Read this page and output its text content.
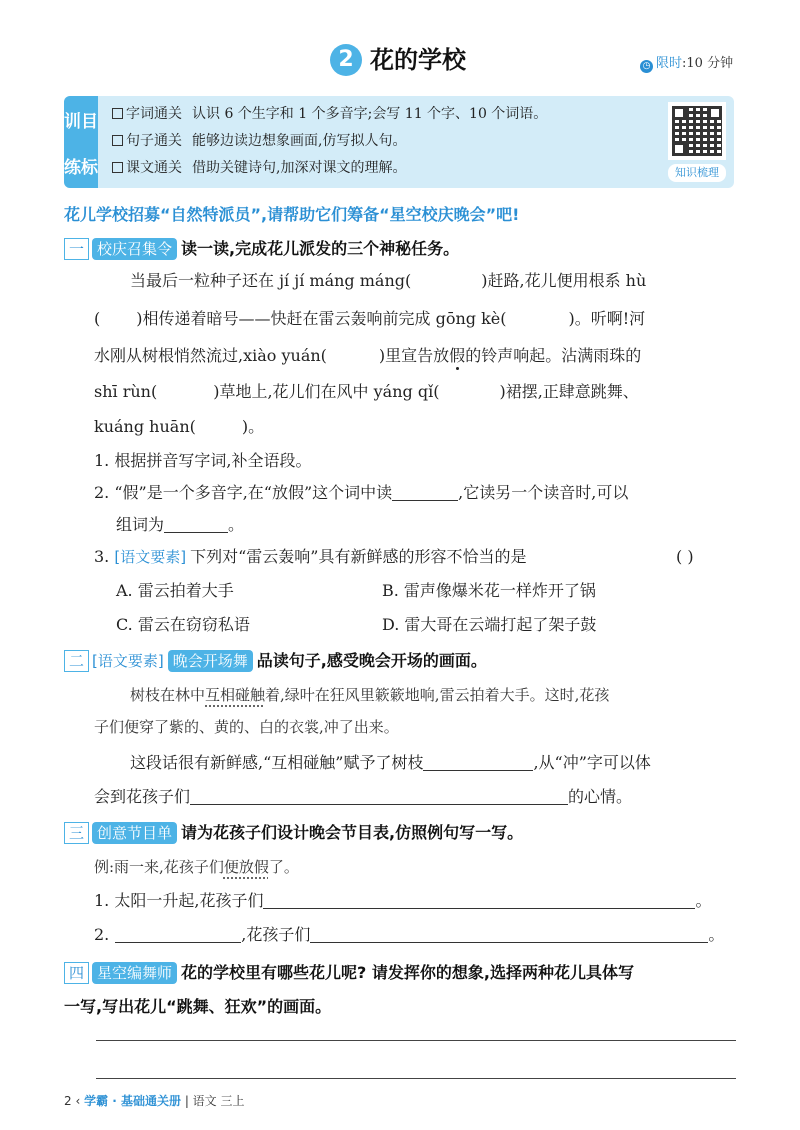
2 花的学校	◷ 限时:10 分钟
训 目
练 标
字词通关 认识 6 个生字和 1 个多音字;会写 11 个字、10 个词语。
句子通关 能够边读边想象画面,仿写拟人句。
课文通关 借助关键诗句,加深对课文的理解。	知识梳理
花儿学校招募“自然特派员”,请帮助它们筹备“星空校庆晚会”吧!
一 校庆召集令 读一读,完成花儿派发的三个神秘任务。
当最后一粒种子还在 jí jí máng máng(	)赶路,花儿便用根系 hù
( )相传递着暗号——快赶在雷云轰响前完成 gōng kè(	)。听啊!河
水刚从树根悄然流过,xiào yuán(	)里宣告放假的铃声响起。沾满雨珠的
shī rùn(	)草地上,花儿们在风中 yáng qǐ(	)裙摆,正肆意跳舞、
kuáng huān(	)。
1. 根据拼音写字词,补全语段。
2. “假”是一个多音字,在“放假”这个词中读	,它读另一个读音时,可以
组词为	。
3. [语文要素] 下列对“雷云轰响”具有新鲜感的形容不恰当的是	( )
A. 雷云拍着大手	B. 雷声像爆米花一样炸开了锅
C. 雷云在窃窃私语	D. 雷大哥在云端打起了架子鼓
二 [语文要素] 晚会开场舞 品读句子,感受晚会开场的画面。
树枝在林中互相碰触着,绿叶在狂风里簌簌地响,雷云拍着大手。这时,花孩
子们便穿了紫的、黄的、白的衣裳,冲了出来。
这段话很有新鲜感,“互相碰触”赋予了树枝	,从“冲”字可以体
会到花孩子们	的心情。
三 创意节目单 请为花孩子们设计晚会节目表,仿照例句写一写。
例:雨一来,花孩子们便放假了。
1. 太阳一升起,花孩子们	。
2.	,花孩子们	。
四 星空编舞师 花的学校里有哪些花儿呢? 请发挥你的想象,选择两种花儿具体写
一写,写出花儿“跳舞、狂欢”的画面。
2 ‹ 学霸 · 基础通关册 | 语文 三上
